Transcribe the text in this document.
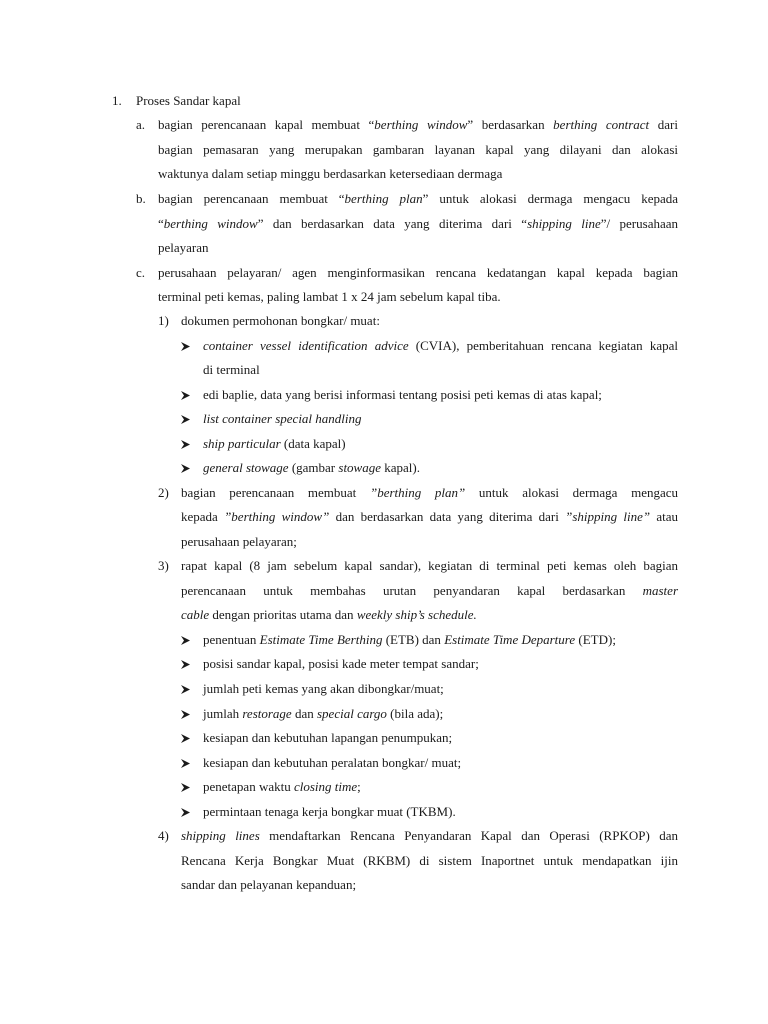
1. Proses Sandar kapal
a. bagian perencanaan kapal membuat “berthing window” berdasarkan berthing contract dari
bagian pemasaran yang merupakan gambaran layanan kapal yang dilayani dan alokasi
waktunya dalam setiap minggu berdasarkan ketersediaan dermaga
b. bagian perencanaan membuat “berthing plan” untuk alokasi dermaga mengacu kepada
“berthing window” dan berdasarkan data yang diterima dari “shipping line”/ perusahaan
pelayaran
c. perusahaan pelayaran/ agen menginformasikan rencana kedatangan kapal kepada bagian
terminal peti kemas, paling lambat 1 x 24 jam sebelum kapal tiba.
1) dokumen permohonan bongkar/ muat:
container vessel identification advice (CVIA), pemberitahuan rencana kegiatan kapal
di terminal
edi baplie, data yang berisi informasi tentang posisi peti kemas di atas kapal;
list container special handling
ship particular (data kapal)
general stowage (gambar stowage kapal).
2) bagian perencanaan membuat ”berthing plan” untuk alokasi dermaga mengacu
kepada ”berthing window” dan berdasarkan data yang diterima dari ”shipping line” atau
perusahaan pelayaran;
3) rapat kapal (8 jam sebelum kapal sandar), kegiatan di terminal peti kemas oleh bagian
perencanaan untuk membahas urutan penyandaran kapal berdasarkan master
cable dengan prioritas utama dan weekly ship’s schedule.
penentuan Estimate Time Berthing (ETB) dan Estimate Time Departure (ETD);
posisi sandar kapal, posisi kade meter tempat sandar;
jumlah peti kemas yang akan dibongkar/muat;
jumlah restorage dan special cargo (bila ada);
kesiapan dan kebutuhan lapangan penumpukan;
kesiapan dan kebutuhan peralatan bongkar/ muat;
penetapan waktu closing time;
permintaan tenaga kerja bongkar muat (TKBM).
4) shipping lines mendaftarkan Rencana Penyandaran Kapal dan Operasi (RPKOP) dan
Rencana Kerja Bongkar Muat (RKBM) di sistem Inaportnet untuk mendapatkan ijin
sandar dan pelayanan kepanduan;
